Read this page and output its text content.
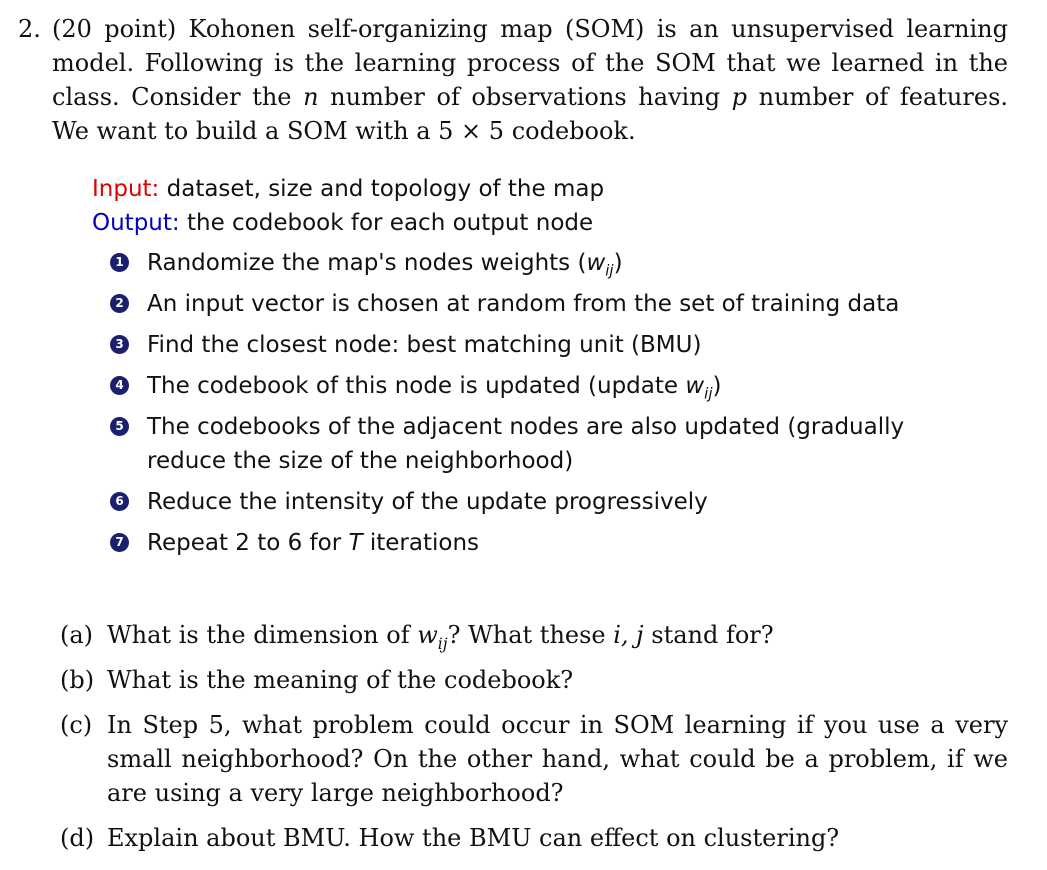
2. (20 point) Kohonen self-organizing map (SOM) is an unsupervised learning model. Following is the learning process of the SOM that we learned in the class. Consider the n number of observations having p number of features. We want to build a SOM with a 5 × 5 codebook.
Input: dataset, size and topology of the map
Output: the codebook for each output node
1 Randomize the map's nodes weights $(w_{ij})$
2 An input vector is chosen at random from the set of training data
3 Find the closest node: best matching unit (BMU)
4 The codebook of this node is updated (update $w_{ij}$)
5 The codebooks of the adjacent nodes are also updated (gradually reduce the size of the neighborhood)
6 Reduce the intensity of the update progressively
7 Repeat 2 to 6 for T iterations
(a) What is the dimension of $w_{ij}$? What these i, j stand for?
(b) What is the meaning of the codebook?
(c) In Step 5, what problem could occur in SOM learning if you use a very small neighborhood? On the other hand, what could be a problem, if we are using a very large neighborhood?
(d) Explain about BMU. How the BMU can effect on clustering?
